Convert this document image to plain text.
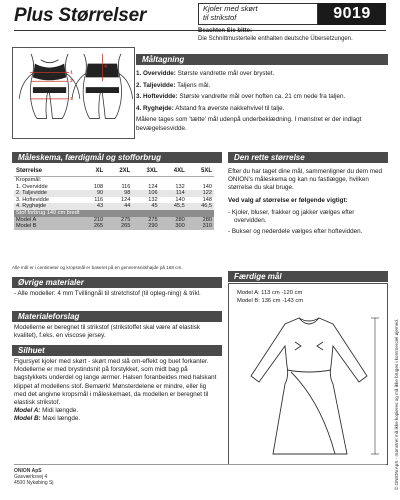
Plus Størrelser	Kjoler med skørt
til strikstof	9019
Beachten Sie bitte:
Die Schnittmusterteile enthalten deutsche Übersetzungen.
1
2
3
4
Måltagning
1. Overvidde: Største vandrette mål over brystet.
2. Taljevidde: Taljens mål.
3. Hoftevidde: Største vandrette mål over hoften ca. 21 cm nede fra taljen.
4. Ryghøjde: Afstand fra øverste nakkehvivel til talje.
Målene tages som 'tætte' mål udenpå underbeklædning. I mønstret er der indlagt bevægelsesvidde.
Måleskema, færdigmål og stofforbrug
Størrelse	XL	2XL	3XL	4XL	5XL
Kropsmål:					
1. Overvidde	108	116	124	132	140
2. Taljevidde	90	98	106	114	122
3. Hoftevidde	116	124	132	140	148
4. Ryghøjde	43	44	45	45,5	46,5
Stof forbrug 140 cm bredt					
Model A	210	275	275	280	280
Model B	265	265	290	300	310
Alle mål er i centimeter og kropsmål er baseret på en gennemsnitshøjde på 168 cm.
Den rette størrelse

Efter du har taget dine mål, sammenligner du dem med ONION's måleskema og kan nu fastlægge, hvilken størrelse du skal bruge.

Ved valg af størrelse er følgende vigtigt:

- Kjoler, bluser, frakker og jakker vælges efter overvidden.
- Bukser og nederdele vælges efter hoftevidden.
Færdige mål
Model A: 113 cm -120 cm
Model B: 136 cm -143 cm
Øvrige materialer
- Alle modeller: 4 mm Tvillingnål til stretchstof (til opleg-ning) & trikl.
Materialeforslag
Modellerne er beregnet til strikstof (strikstoffet skal være af elastisk kvalitet), f.eks. en viscose jersey.
Silhuet
Figursyet kjoler med skørt - skørt med slå om-effekt og buet forkanter. Modellerne er med brystindsnit på forstykket, som midt bag på bagstykkets underdel og lange ærmer. Halsen foranbeides med halskant klippet af modellens stof. Bemærk! Mønsterdelene er mindre, eller lig med det angivne kropsmål i måleskemaet, da modellen er beregnet til elastisk strikstof.
Model A: Midi længde.
Model B: Maxi længde.
ONION ApS
Gasværksvej 4
4500 Nykøbing Sj	© ONION ApS - mønstret må ikke kopieres og må ikke bruges i kommerciel øjemed.
